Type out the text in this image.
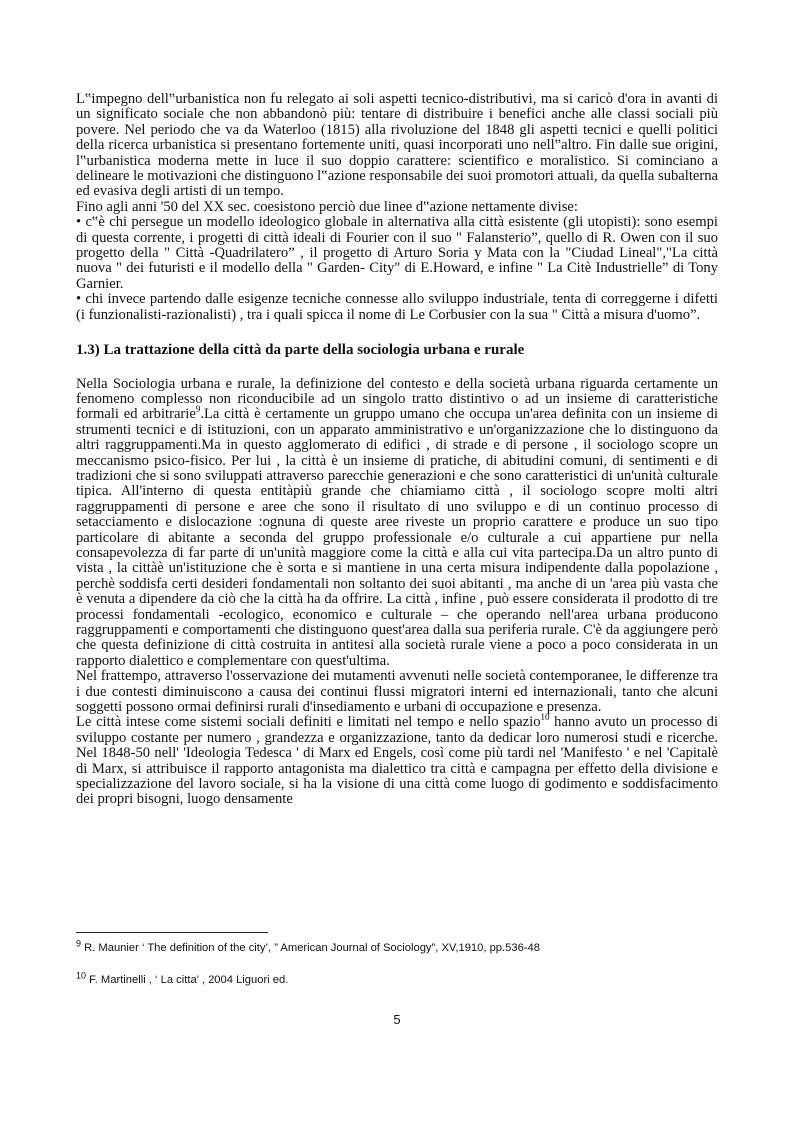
L‟impegno dell‟urbanistica non fu relegato ai soli aspetti tecnico-distributivi, ma si caricò d'ora in avanti di un significato sociale che non abbandonò più: tentare di distribuire i benefici anche alle classi sociali più povere. Nel periodo che va da Waterloo (1815) alla rivoluzione del 1848 gli aspetti tecnici e quelli politici della ricerca urbanistica si presentano fortemente uniti, quasi incorporati uno nell‟altro. Fin dalle sue origini, l‟urbanistica moderna mette in luce il suo doppio carattere: scientifico e moralistico. Si cominciano a delineare le motivazioni che distinguono l‟azione responsabile dei suoi promotori attuali, da quella subalterna ed evasiva degli artisti di un tempo.

Fino agli anni '50 del XX sec. coesistono perciò due linee d‟azione nettamente divise:

• c‟è chi persegue un modello ideologico globale in alternativa alla città esistente (gli utopisti): sono esempi di questa corrente, i progetti di città ideali di Fourier con il suo " Falansterio”, quello di R. Owen con il suo progetto della " Città -Quadrilatero” , il progetto di Arturo Soria y Mata con la "Ciudad Lineal","La città nuova " dei futuristi e il modello della " Garden- City" di E.Howard, e infine " La Citè Industrielle” di Tony Garnier.

• chi invece partendo dalle esigenze tecniche connesse allo sviluppo industriale, tenta di correggerne i difetti (i funzionalisti-razionalisti) , tra i quali spicca il nome di Le Corbusier con la sua " Città a misura d'uomo”.

1.3) La trattazione della città da parte della sociologia urbana e rurale

Nella Sociologia urbana e rurale, la definizione del contesto e della società urbana riguarda certamente un fenomeno complesso non riconducibile ad un singolo tratto distintivo o ad un insieme di caratteristiche formali ed arbitrarie$^9$.La città è certamente un gruppo umano che occupa un'area definita con un insieme di strumenti tecnici e di istituzioni, con un apparato amministrativo e un'organizzazione che lo distinguono da altri raggruppamenti.Ma in questo agglomerato di edifici , di strade e di persone , il sociologo scopre un meccanismo psico-fisico. Per lui , la città è un insieme di pratiche, di abitudini comuni, di sentimenti e di tradizioni che si sono sviluppati attraverso parecchie generazioni e che sono caratteristici di un'unità culturale tipica. All'interno di questa entitàpiù grande che chiamiamo città , il sociologo scopre molti altri raggruppamenti di persone e aree che sono il risultato di uno sviluppo e di un continuo processo di setacciamento e dislocazione :ognuna di queste aree riveste un proprio carattere e produce un suo tipo particolare di abitante a seconda del gruppo professionale e/o culturale a cui appartiene pur nella consapevolezza di far parte di un'unità maggiore come la città e alla cui vita partecipa.Da un altro punto di vista , la cittàè un'istituzione che è sorta e si mantiene in una certa misura indipendente dalla popolazione , perchè soddisfa certi desideri fondamentali non soltanto dei suoi abitanti , ma anche di un 'area più vasta che è venuta a dipendere da ciò che la città ha da offrire. La città , infine , può essere considerata il prodotto di tre processi fondamentali -ecologico, economico e culturale – che operando nell'area urbana producono raggruppamenti e comportamenti che distinguono quest'area dalla sua periferia rurale. C'è da aggiungere però che questa definizione di città costruita in antitesi alla società rurale viene a poco a poco considerata in un rapporto dialettico e complementare con quest'ultima.

Nel frattempo, attraverso l'osservazione dei mutamenti avvenuti nelle società contemporanee, le differenze tra i due contesti diminuiscono a causa dei continui flussi migratori interni ed internazionali, tanto che alcuni soggetti possono ormai definirsi rurali d'insediamento e urbani di occupazione e presenza.

Le città intese come sistemi sociali definiti e limitati nel tempo e nello spazio$^{10}$ hanno avuto un processo di sviluppo costante per numero , grandezza e organizzazione, tanto da dedicar loro numerosi studi e ricerche. Nel 1848-50 nell' 'Ideologia Tedesca ' di Marx ed Engels, così come più tardi nel 'Manifesto ' e nel 'Capitalè di Marx, si attribuisce il rapporto antagonista ma dialettico tra città e campagna per effetto della divisione e specializzazione del lavoro sociale, si ha la visione di una città come luogo di godimento e soddisfacimento dei propri bisogni, luogo densamente

$^9$ R. Maunier ‘ The definition of the city’, ” American Journal of Sociology”, XV,1910, pp.536-48
$^{10}$ F. Martinelli , ‘ La citta’ , 2004 Liguori ed.
5
